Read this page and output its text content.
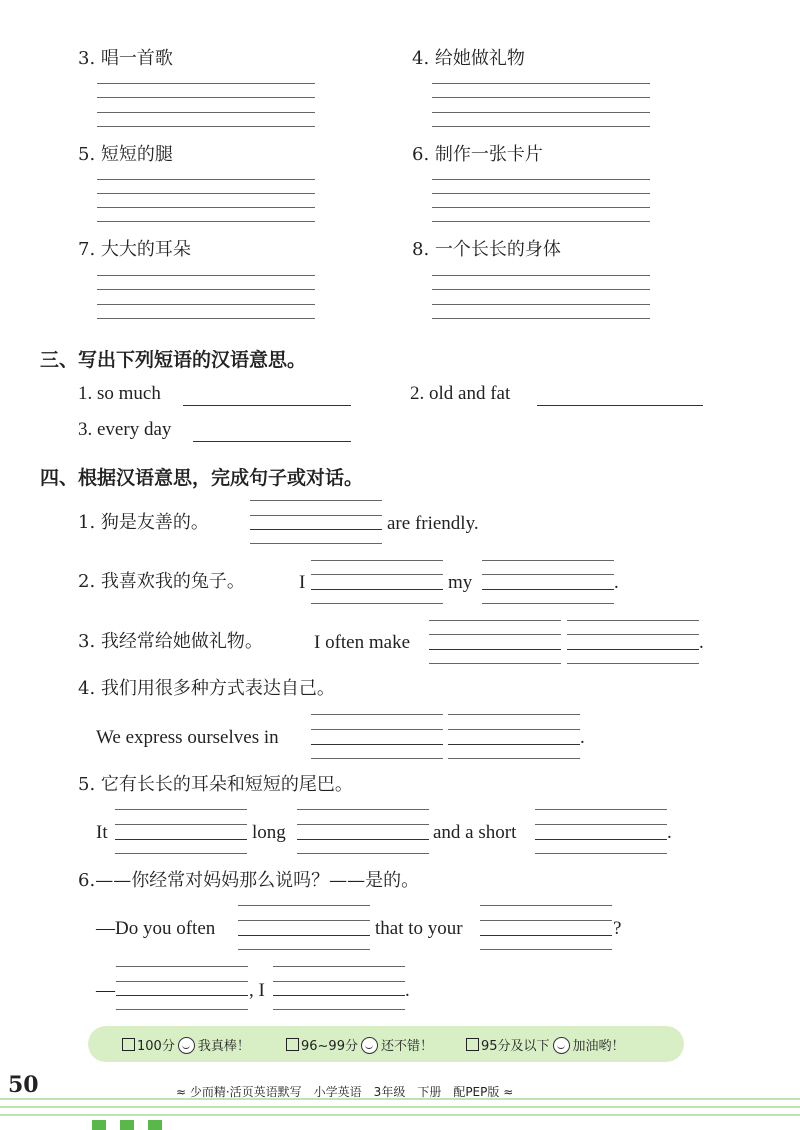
3. 唱一首歌	4. 给她做礼物
5. 短短的腿	6. 制作一张卡片
7. 大大的耳朵	8. 一个长长的身体
三、写出下列短语的汉语意思。
1. so much	2. old and fat
3. every day
四、根据汉语意思，完成句子或对话。
1. 狗是友善的。	are friendly.
2. 我喜欢我的兔子。	I	my	.
3. 我经常给她做礼物。	I often make	.
4. 我们用很多种方式表达自己。
We express ourselves in	.
5. 它有长长的耳朵和短短的尾巴。
It	long	and a short	.
6.——你经常对妈妈那么说吗？——是的。
—Do you often	that to your	?
—	, I	.
100分 我真棒！	96~99分 还不错！	95分及以下 加油哟！
50	≈ 少而精·活页英语默写　小学英语　3年级　下册　配PEP版 ≈
